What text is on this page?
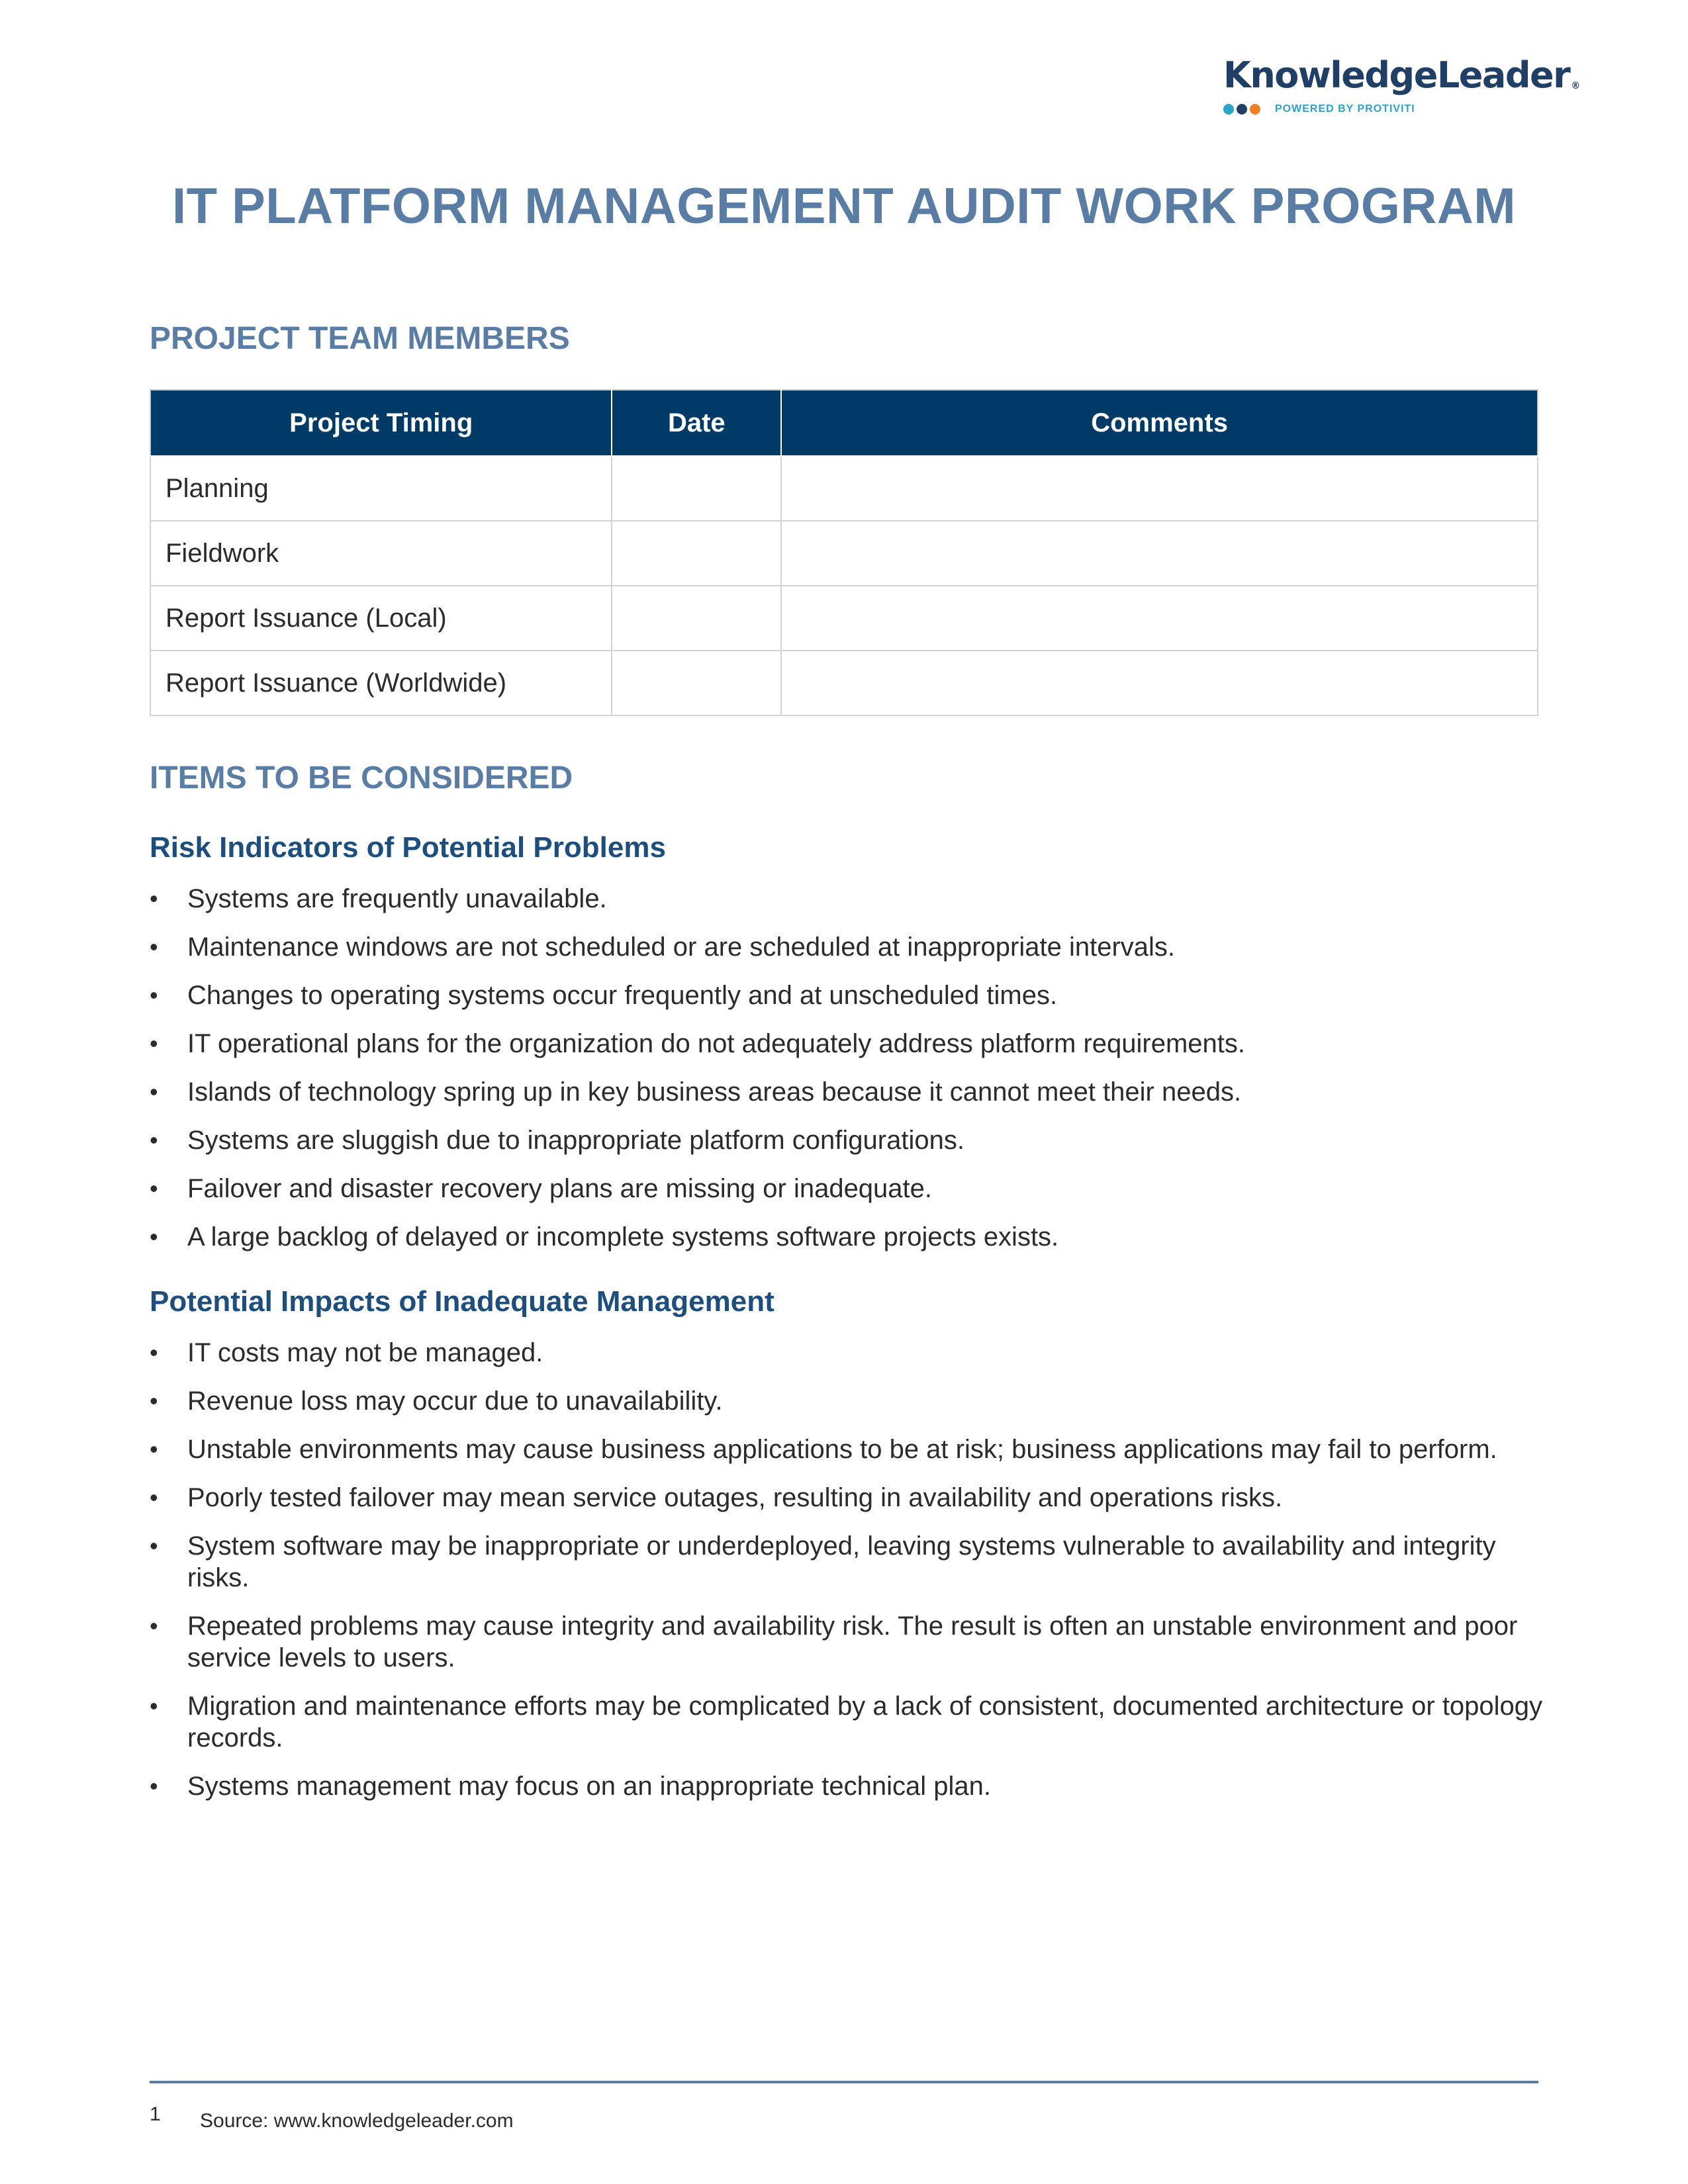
KnowledgeLeader ®
POWERED BY PROTIVITI
IT PLATFORM MANAGEMENT AUDIT WORK PROGRAM
PROJECT TEAM MEMBERS
Project Timing	Date	Comments
Planning		
Fieldwork		
Report Issuance (Local)		
Report Issuance (Worldwide)		
ITEMS TO BE CONSIDERED
Risk Indicators of Potential Problems
• Systems are frequently unavailable.
• Maintenance windows are not scheduled or are scheduled at inappropriate intervals.
• Changes to operating systems occur frequently and at unscheduled times.
• IT operational plans for the organization do not adequately address platform requirements.
• Islands of technology spring up in key business areas because it cannot meet their needs.
• Systems are sluggish due to inappropriate platform configurations.
• Failover and disaster recovery plans are missing or inadequate.
• A large backlog of delayed or incomplete systems software projects exists.
Potential Impacts of Inadequate Management
• IT costs may not be managed.
• Revenue loss may occur due to unavailability.
• Unstable environments may cause business applications to be at risk; business applications may fail to perform.
• Poorly tested failover may mean service outages, resulting in availability and operations risks.
• System software may be inappropriate or underdeployed, leaving systems vulnerable to availability and integrity risks.
• Repeated problems may cause integrity and availability risk. The result is often an unstable environment and poor service levels to users.
• Migration and maintenance efforts may be complicated by a lack of consistent, documented architecture or topology records.
• Systems management may focus on an inappropriate technical plan.
1 Source: www.knowledgeleader.com
